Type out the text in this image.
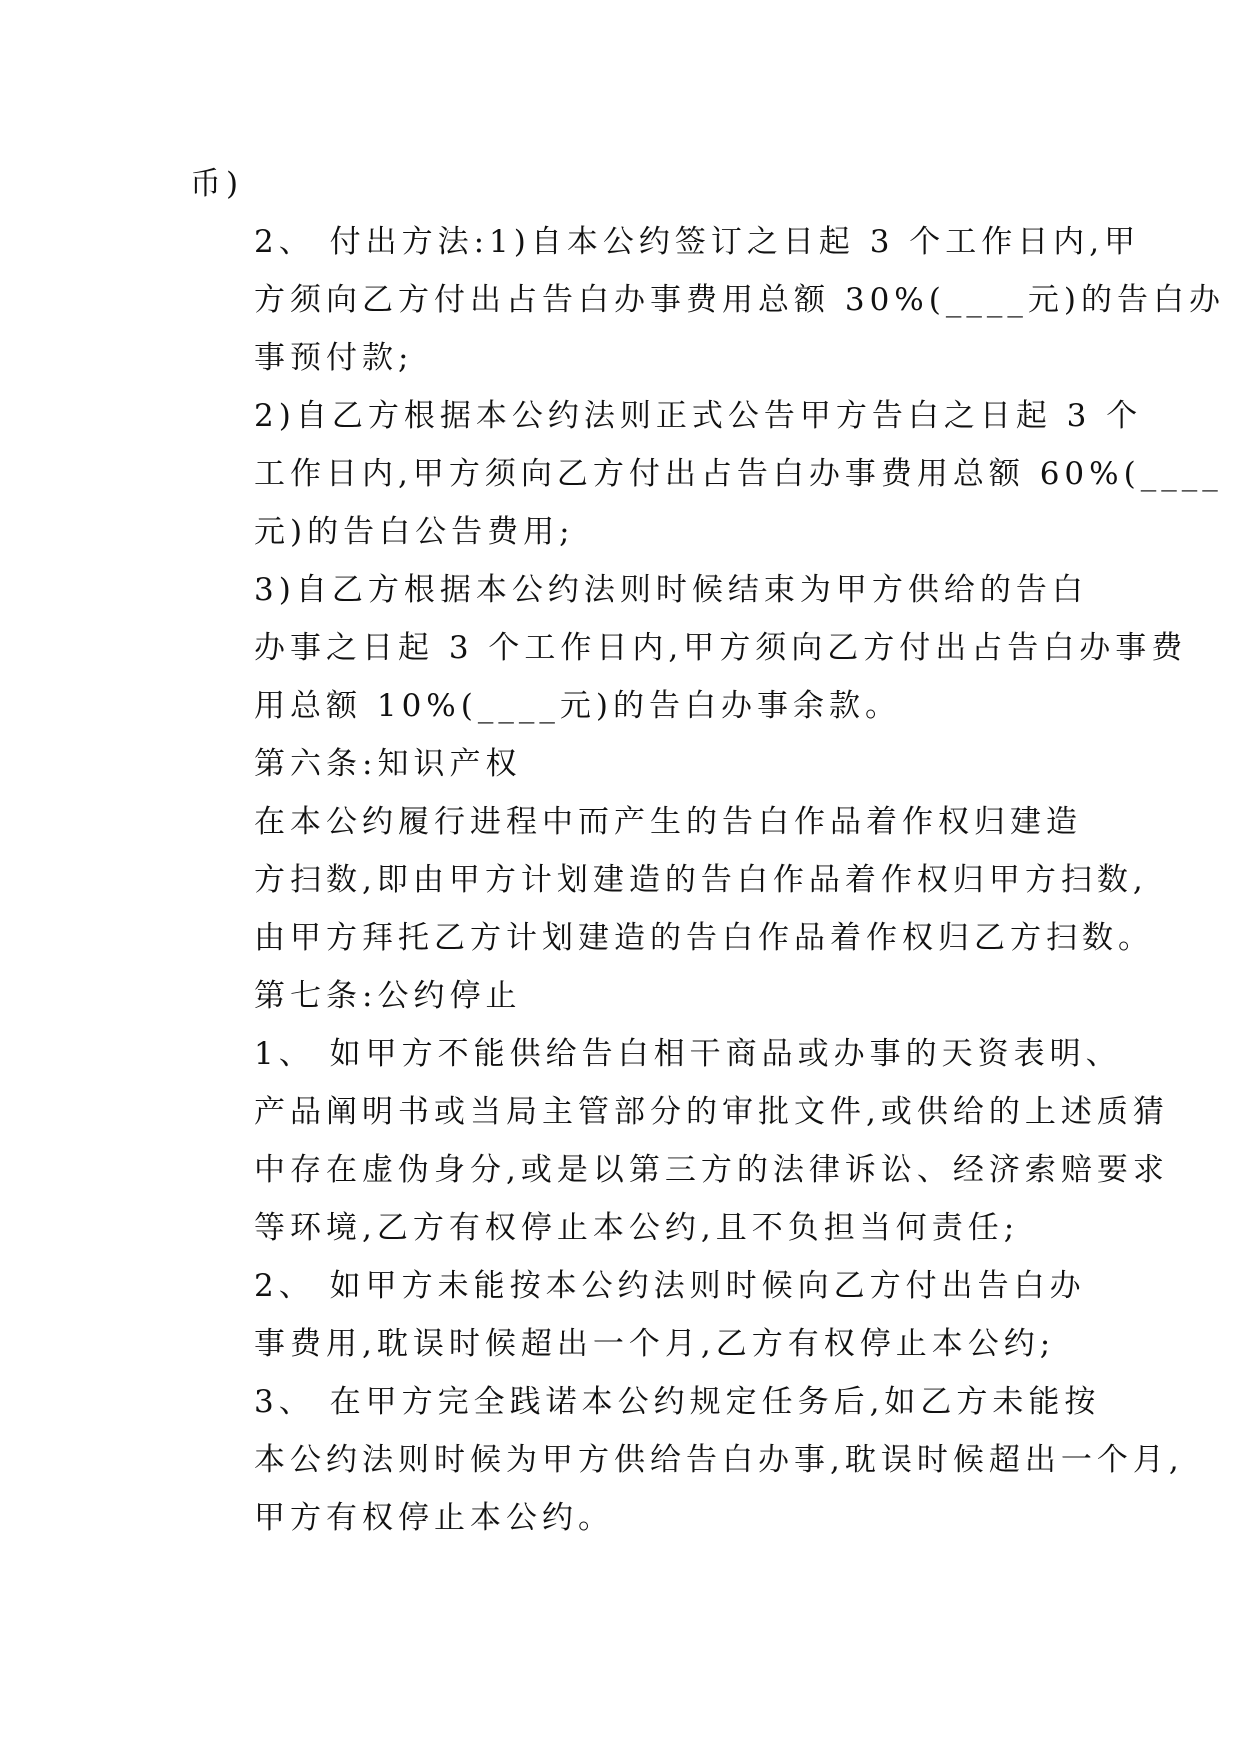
币)

2、 付出方法:1)自本公约签订之日起 3 个工作日内,甲
方须向乙方付出占告白办事费用总额 30%(____元)的告白办
事预付款;

2)自乙方根据本公约法则正式公告甲方告白之日起 3 个
工作日内,甲方须向乙方付出占告白办事费用总额 60%(____
元)的告白公告费用;

3)自乙方根据本公约法则时候结束为甲方供给的告白
办事之日起 3 个工作日内,甲方须向乙方付出占告白办事费
用总额 10%(____元)的告白办事余款。

第六条:知识产权

在本公约履行进程中而产生的告白作品着作权归建造
方扫数,即由甲方计划建造的告白作品着作权归甲方扫数,
由甲方拜托乙方计划建造的告白作品着作权归乙方扫数。

第七条:公约停止

1、 如甲方不能供给告白相干商品或办事的天资表明、
产品阐明书或当局主管部分的审批文件,或供给的上述质猜
中存在虚伪身分,或是以第三方的法律诉讼、经济索赔要求
等环境,乙方有权停止本公约,且不负担当何责任;

2、 如甲方未能按本公约法则时候向乙方付出告白办
事费用,耽误时候超出一个月,乙方有权停止本公约;

3、 在甲方完全践诺本公约规定任务后,如乙方未能按
本公约法则时候为甲方供给告白办事,耽误时候超出一个月,
甲方有权停止本公约。
